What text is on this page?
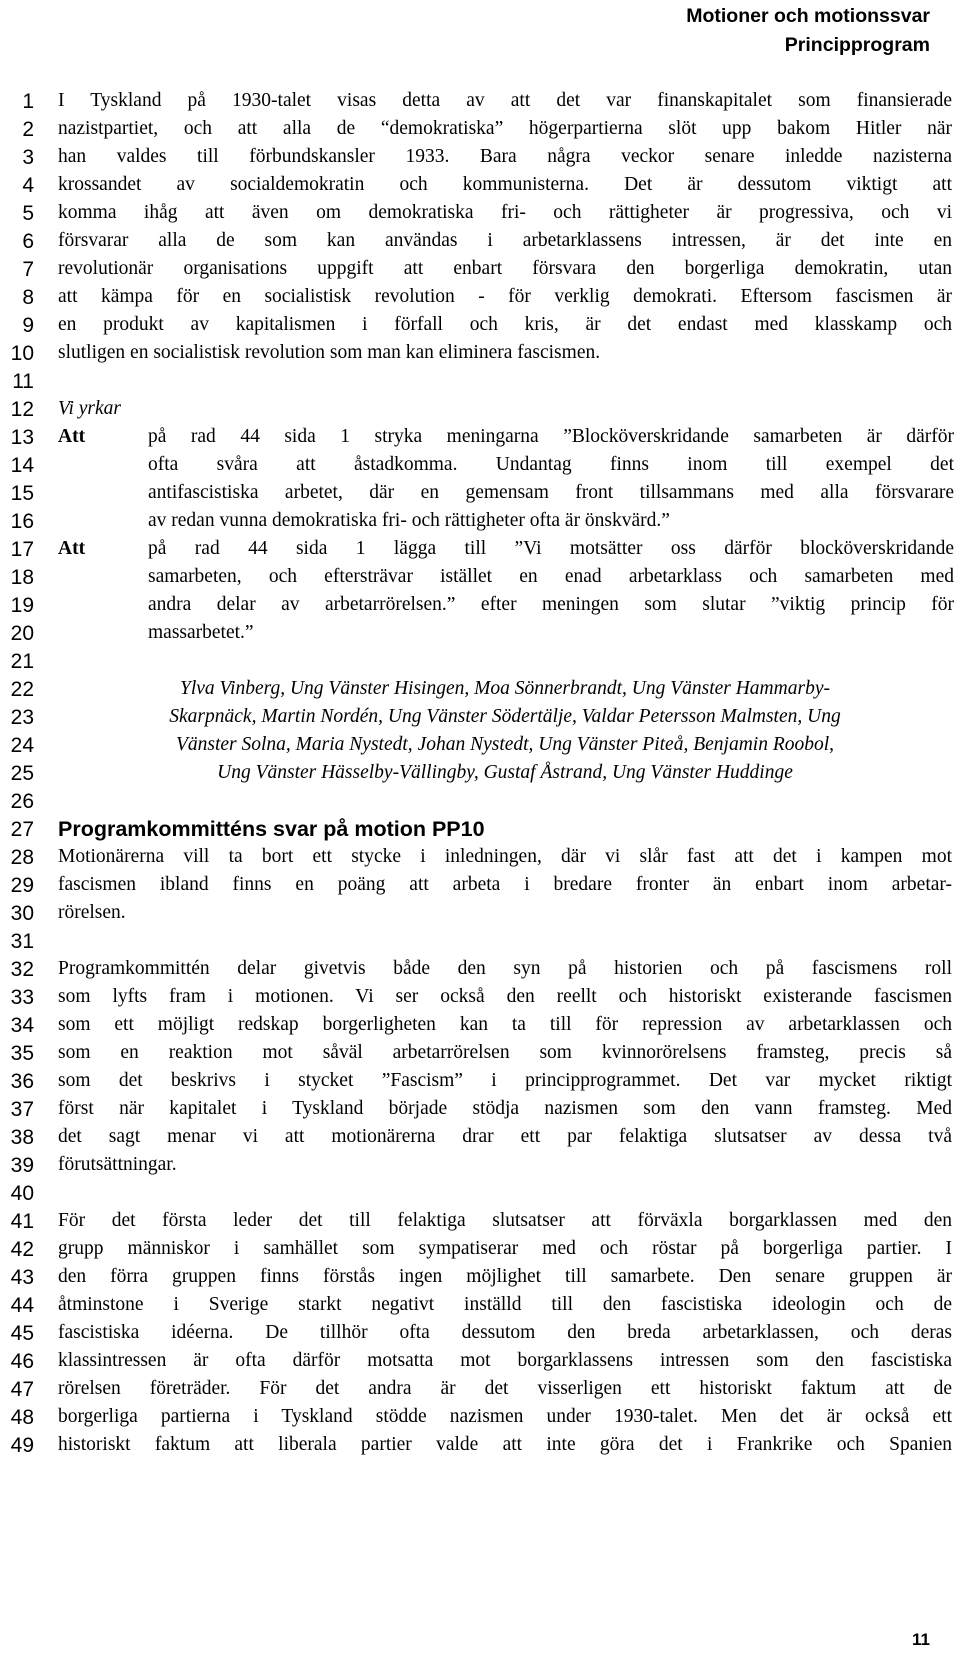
Motioner och motionssvar
Principprogram
1
2
3
4
5
6
7
8
9
10
11
12
13
14
15
16
17
18
19
20
21
22
23
24
25
26
27
28
29
30
31
32
33
34
35
36
37
38
39
40
41
42
43
44
45
46
47
48
49
I Tyskland på 1930-talet visas detta av att det var finanskapitalet som finansierade
nazistpartiet, och att alla de “demokratiska” högerpartierna slöt upp bakom Hitler när
han valdes till förbundskansler 1933. Bara några veckor senare inledde nazisterna
krossandet av socialdemokratin och kommunisterna. Det är dessutom viktigt att
komma ihåg att även om demokratiska fri- och rättigheter är progressiva, och vi
försvarar alla de som kan användas i arbetarklassens intressen, är det inte en
revolutionär organisations uppgift att enbart försvara den borgerliga demokratin, utan
att kämpa för en socialistisk revolution - för verklig demokrati. Eftersom fascismen är
en produkt av kapitalismen i förfall och kris, är det endast med klasskamp och
slutligen en socialistisk revolution som man kan eliminera fascismen.
Vi yrkar
Att	på rad 44 sida 1 stryka meningarna ”Blocköverskridande samarbeten är därför
ofta svåra att åstadkomma. Undantag finns inom till exempel det
antifascistiska arbetet, där en gemensam front tillsammans med alla försvarare
av redan vunna demokratiska fri- och rättigheter ofta är önskvärd.”
Att	på rad 44 sida 1 lägga till ”Vi motsätter oss därför blocköverskridande
samarbeten, och eftersträvar istället en enad arbetarklass och samarbeten med
andra delar av arbetarrörelsen.” efter meningen som slutar ”viktig princip för
massarbetet.”
Ylva Vinberg, Ung Vänster Hisingen, Moa Sönnerbrandt, Ung Vänster Hammarby-
Skarpnäck, Martin Nordén, Ung Vänster Södertälje, Valdar Petersson Malmsten, Ung
Vänster Solna, Maria Nystedt, Johan Nystedt, Ung Vänster Piteå, Benjamin Roobol,
Ung Vänster Hässelby-Vällingby, Gustaf Åstrand, Ung Vänster Huddinge
Programkommitténs svar på motion PP10
Motionärerna vill ta bort ett stycke i inledningen, där vi slår fast att det i kampen mot
fascismen ibland finns en poäng att arbeta i bredare fronter än enbart inom arbetar-
rörelsen.
Programkommittén delar givetvis både den syn på historien och på fascismens roll
som lyfts fram i motionen. Vi ser också den reellt och historiskt existerande fascismen
som ett möjligt redskap borgerligheten kan ta till för repression av arbetarklassen och
som en reaktion mot såväl arbetarrörelsen som kvinnorörelsens framsteg, precis så
som det beskrivs i stycket ”Fascism” i principprogrammet. Det var mycket riktigt
först när kapitalet i Tyskland började stödja nazismen som den vann framsteg. Med
det sagt menar vi att motionärerna drar ett par felaktiga slutsatser av dessa två
förutsättningar.
För det första leder det till felaktiga slutsatser att förväxla borgarklassen med den
grupp människor i samhället som sympatiserar med och röstar på borgerliga partier. I
den förra gruppen finns förstås ingen möjlighet till samarbete. Den senare gruppen är
åtminstone i Sverige starkt negativt inställd till den fascistiska ideologin och de
fascistiska idéerna. De tillhör ofta dessutom den breda arbetarklassen, och deras
klassintressen är ofta därför motsatta mot borgarklassens intressen som den fascistiska
rörelsen företräder. För det andra är det visserligen ett historiskt faktum att de
borgerliga partierna i Tyskland stödde nazismen under 1930-talet. Men det är också ett
historiskt faktum att liberala partier valde att inte göra det i Frankrike och Spanien
11
